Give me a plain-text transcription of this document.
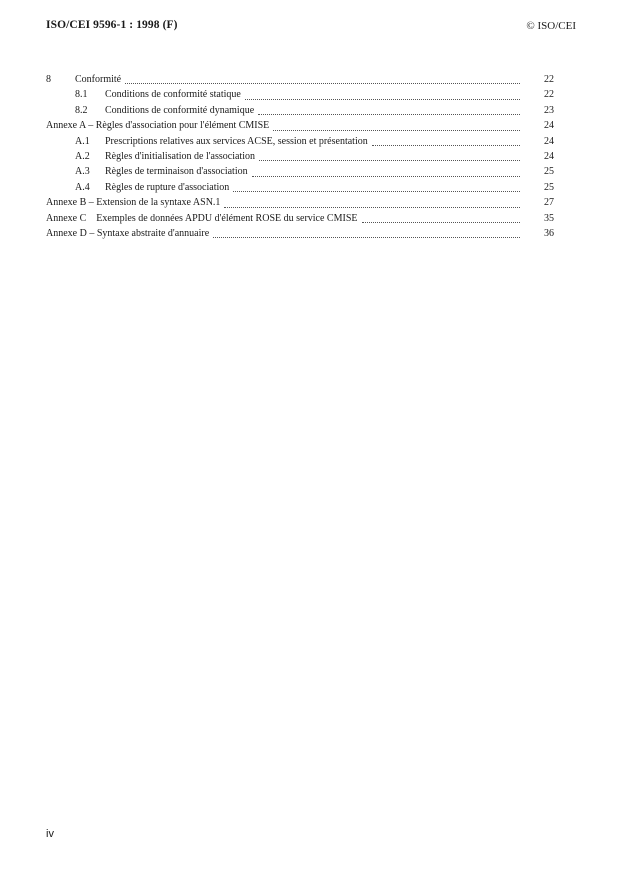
ISO/CEI 9596-1 : 1998 (F)	© ISO/CEI
8	Conformité	22
8.1	Conditions de conformité statique	22
8.2	Conditions de conformité dynamique	23
Annexe A – Règles d'association pour l'élément CMISE	24
A.1	Prescriptions relatives aux services ACSE, session et présentation	24
A.2	Règles d'initialisation de l'association	24
A.3	Règles de terminaison d'association	25
A.4	Règles de rupture d'association	25
Annexe B – Extension de la syntaxe ASN.1	27
Annexe C Exemples de données APDU d'élément ROSE du service CMISE	35
Annexe D – Syntaxe abstraite d'annuaire	36
iv
